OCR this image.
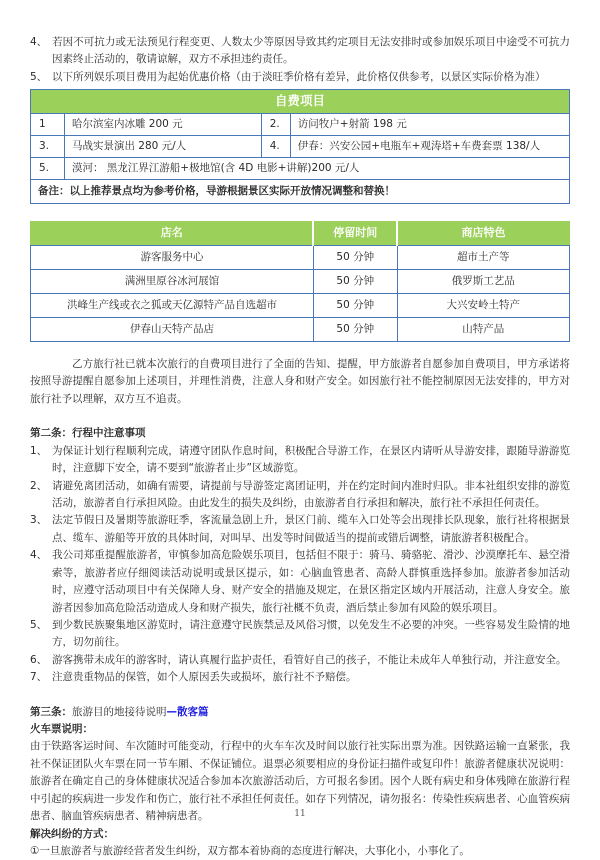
4、 若因不可抗力或无法预见行程变更、人数太少等原因导致其约定项目无法安排时或参加娱乐项目中途受不可抗力因素终止活动的，敬请谅解，双方不承担违约责任。
5、 以下所列娱乐项目费用为起始优惠价格（由于淡旺季价格有差异，此价格仅供参考，以景区实际价格为准）
自费项目			
1	哈尔滨室内冰雕 200 元	2.	访问牧户+射箭 198 元
3.	马战实景演出 280 元/人	4.	伊春：兴安公园+电瓶车+观涛塔+车费套票 138/人
5.	漠河： 黑龙江界江游船+极地馆(含 4D 电影+讲解)200 元/人		
备注：以上推荐景点均为参考价格，导游根据景区实际开放情况调整和替换！			
店名	停留时间	商店特色
游客服务中心	50 分钟	超市土产等
满洲里原谷冰河展馆	50 分钟	俄罗斯工艺品
洪峰生产线或衣之狐或天亿源特产品自选超市	50 分钟	大兴安岭土特产
伊春山天特产品店	50 分钟	山特产品

乙方旅行社已就本次旅行的自费项目进行了全面的告知、提醒，甲方旅游者自愿参加自费项目，甲方承诺将按照导游提醒自愿参加上述项目，并理性消费，注意人身和财产安全。如因旅行社不能控制原因无法安排的，甲方对旅行社予以理解，双方互不追责。

第二条：行程中注意事项
1、 为保证计划行程顺利完成，请遵守团队作息时间，积极配合导游工作，在景区内请听从导游安排，跟随导游游览时，注意脚下安全，请不要到“旅游者止步”区域游览。
2、 请避免离团活动，如确有需要，请提前与导游签定离团证明，并在约定时间内准时归队。非本社组织安排的游览活动，旅游者自行承担风险。由此发生的损失及纠纷，由旅游者自行承担和解决，旅行社不承担任何责任。
3、 法定节假日及暑期等旅游旺季，客流量急剧上升，景区门前、缆车入口处等会出现排长队现象，旅行社将根据景点、缆车、游船等开放的具体时间，对叫早、出发等时间做适当的提前或错后调整，请旅游者积极配合。
4、 我公司郑重提醒旅游者，审慎参加高危险娱乐项目，包括但不限于：骑马、骑骆驼、滑沙、沙漠摩托车、悬空滑索等，旅游者应仔细阅读活动说明或景区提示，如：心脑血管患者、高龄人群慎重选择参加。旅游者参加活动时，应遵守活动项目中有关保障人身、财产安全的措施及规定，在景区指定区域内开展活动，注意人身安全。旅游者因参加高危险活动造成人身和财产损失，旅行社概不负责，酒后禁止参加有风险的娱乐项目。
5、 到少数民族聚集地区游览时，请注意遵守民族禁忌及风俗习惯，以免发生不必要的冲突。一些容易发生险情的地方，切勿前往。
6、 游客携带未成年的游客时，请认真履行监护责任，看管好自己的孩子，不能让未成年人单独行动，并注意安全。
7、 注意贵重物品的保管，如个人原因丢失或损坏，旅行社不予赔偿。
第三条：旅游目的地接待说明—散客篇
火车票说明：

由于铁路客运时间、车次随时可能变动，行程中的火车车次及时间以旅行社实际出票为准。因铁路运输一直紧张，我社不保证团队火车票在同一节车厢、不保证铺位。退票必须要相应的身份证扫描件或复印件！旅游者健康状况说明：旅游者在确定自己的身体健康状况适合参加本次旅游活动后，方可报名参团。因个人既有病史和身体残障在旅游行程中引起的疾病进一步发作和伤亡，旅行社不承担任何责任。如存下列情况，请勿报名：传染性疾病患者、心血管疾病患者、脑血管疾病患者、精神病患者。

解决纠纷的方式：

①一旦旅游者与旅游经营者发生纠纷，双方都本着协商的态度进行解决，大事化小，小事化了。

11
